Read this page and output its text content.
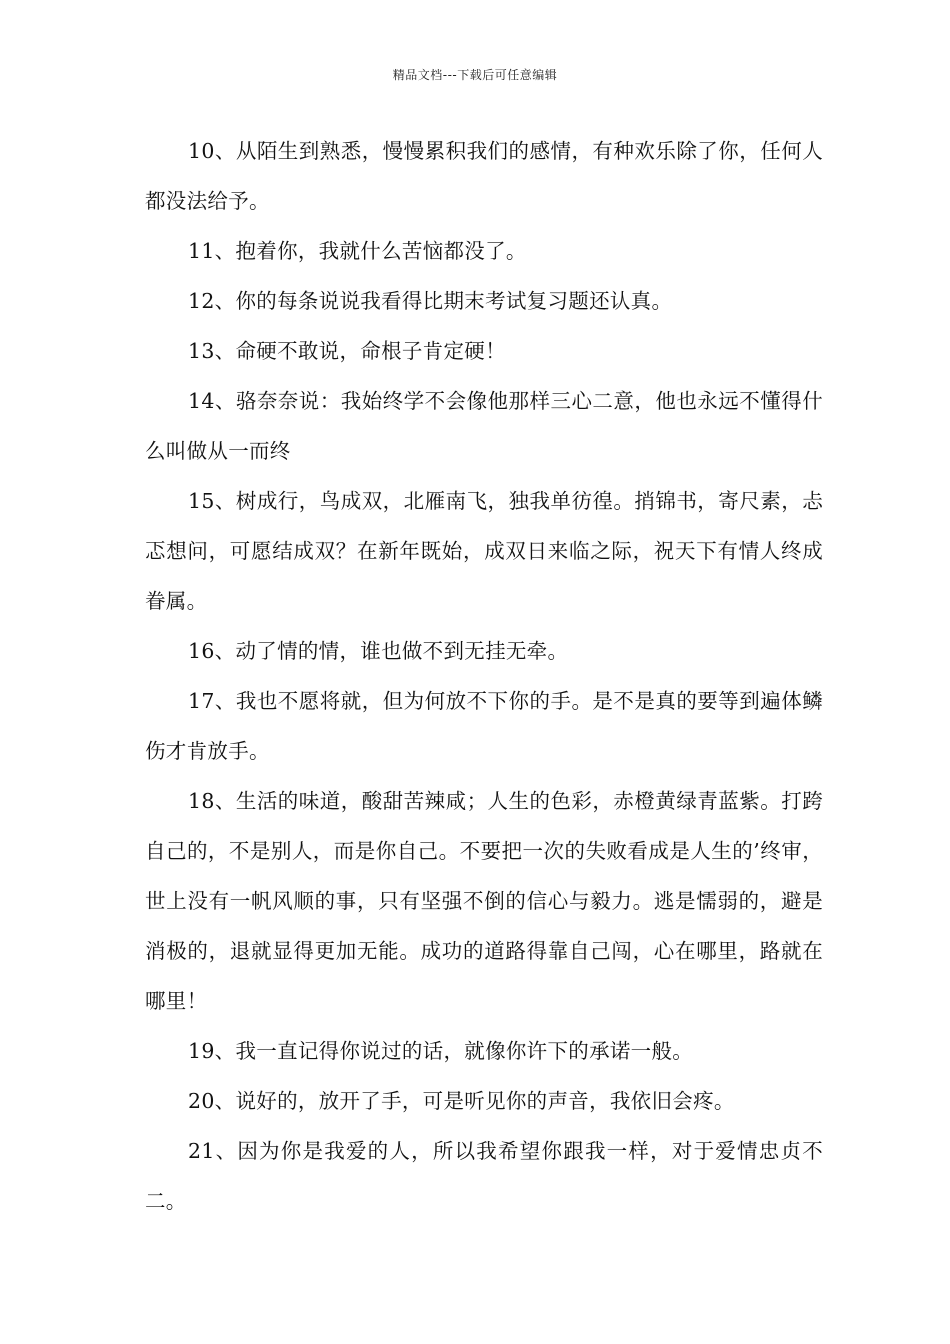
精品文档---下载后可任意编辑

10、从陌生到熟悉，慢慢累积我们的感情，有种欢乐除了你，任何人都没法给予。

11、抱着你，我就什么苦恼都没了。

12、你的每条说说我看得比期末考试复习题还认真。

13、命硬不敢说，命根子肯定硬！

14、骆奈奈说：我始终学不会像他那样三心二意，他也永远不懂得什么叫做从一而终

15、树成行，鸟成双，北雁南飞，独我单彷徨。捎锦书，寄尺素，忐忑想问，可愿结成双？在新年既始，成双日来临之际，祝天下有情人终成眷属。

16、动了情的情，谁也做不到无挂无牵。

17、我也不愿将就，但为何放不下你的手。是不是真的要等到遍体鳞伤才肯放手。

18、生活的味道，酸甜苦辣咸；人生的色彩，赤橙黄绿青蓝紫。打跨自己的，不是别人，而是你自己。不要把一次的失败看成是人生的’终审，世上没有一帆风顺的事，只有坚强不倒的信心与毅力。逃是懦弱的，避是消极的，退就显得更加无能。成功的道路得靠自己闯，心在哪里，路就在哪里！

19、我一直记得你说过的话，就像你许下的承诺一般。

20、说好的，放开了手，可是听见你的声音，我依旧会疼。

21、因为你是我爱的人，所以我希望你跟我一样，对于爱情忠贞不二。
